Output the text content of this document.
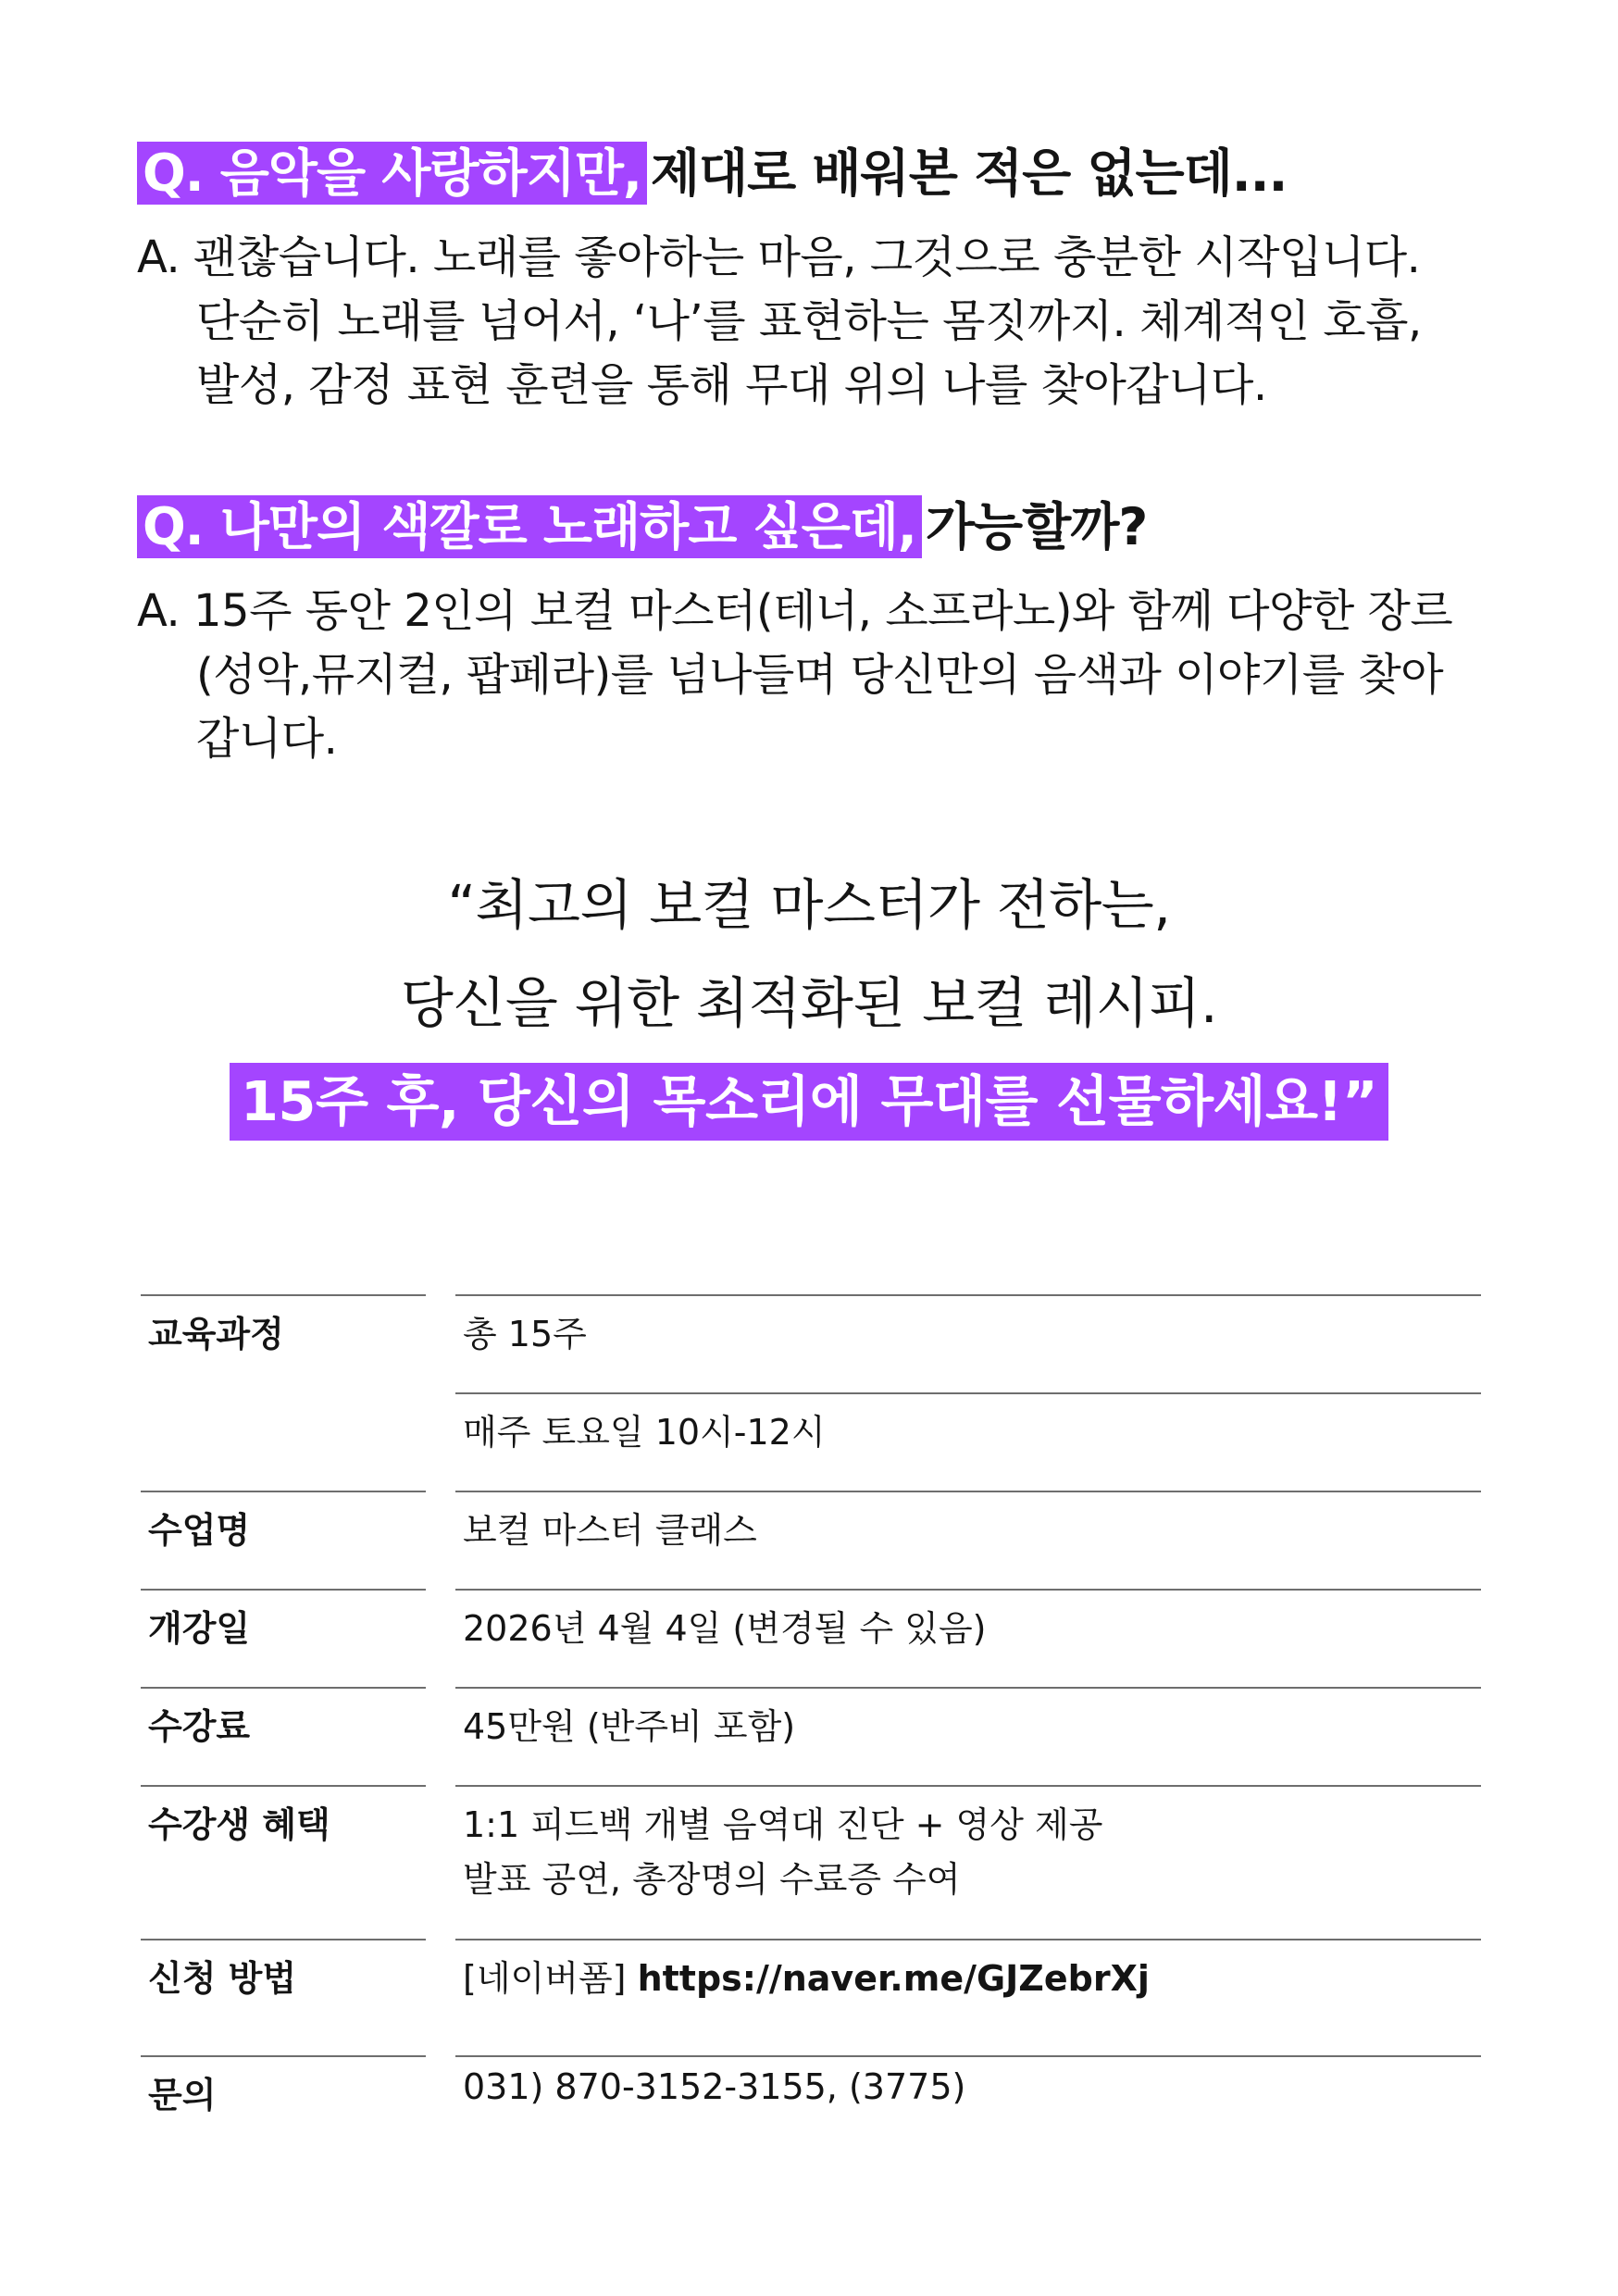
Q. 음악을 사랑하지만, 제대로 배워본 적은 없는데...
A. 괜찮습니다. 노래를 좋아하는 마음, 그것으로 충분한 시작입니다.
단순히 노래를 넘어서, ‘나’를 표현하는 몸짓까지. 체계적인 호흡,
발성, 감정 표현 훈련을 통해 무대 위의 나를 찾아갑니다.
Q. 나만의 색깔로 노래하고 싶은데, 가능할까?
A. 15주 동안 2인의 보컬 마스터(테너, 소프라노)와 함께 다양한 장르
(성악,뮤지컬, 팝페라)를 넘나들며 당신만의 음색과 이야기를 찾아
갑니다.
“최고의 보컬 마스터가 전하는,
당신을 위한 최적화된 보컬 레시피.
15주 후, 당신의 목소리에 무대를 선물하세요!”
교육과정	총 15주
매주 토요일 10시-12시
수업명	보컬 마스터 클래스
개강일	2026년 4월 4일 (변경될 수 있음)
수강료	45만원 (반주비 포함)
수강생 혜택	1:1 피드백 개별 음역대 진단 + 영상 제공
발표 공연, 총장명의 수료증 수여
신청 방법	[네이버폼] https://naver.me/GJZebrXj
문의	031) 870-3152-3155, (3775)
